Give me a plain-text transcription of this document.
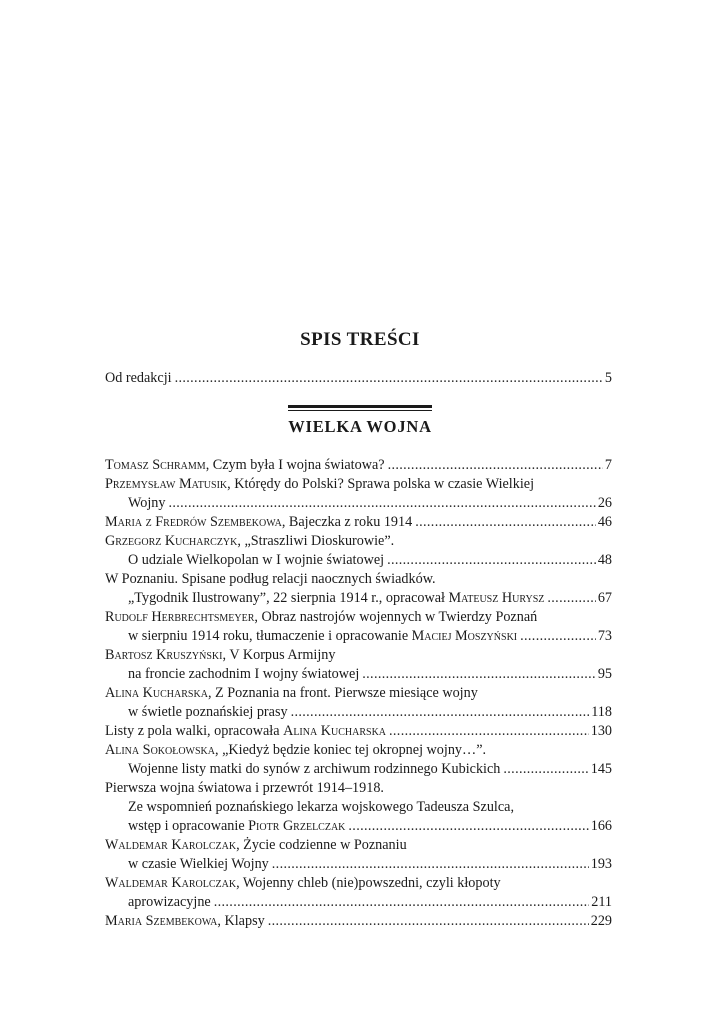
SPIS TREŚCI
Od redakcji . . .	5
WIELKA WOJNA
Tomasz Schramm, Czym była I wojna światowa? . . .	7
Przemysław Matusik, Którędy do Polski? Sprawa polska w czasie Wielkiej
Wojny . . .	26
Maria z Fredrów Szembekowa, Bajeczka z roku 1914 . . .	46
Grzegorz Kucharczyk, „Straszliwi Dioskurowie”.
O udziale Wielkopolan w I wojnie światowej . . .	48
W Poznaniu. Spisane podług relacji naocznych świadków.
„Tygodnik Ilustrowany”, 22 sierpnia 1914 r., opracował Mateusz Hurysz . . .	67
Rudolf Herbrechtsmeyer, Obraz nastrojów wojennych w Twierdzy Poznań
w sierpniu 1914 roku, tłumaczenie i opracowanie Maciej Moszyński . . .	73
Bartosz Kruszyński, V Korpus Armijny
na froncie zachodnim I wojny światowej . . .	95
Alina Kucharska, Z Poznania na front. Pierwsze miesiące wojny
w świetle poznańskiej prasy . . .	118
Listy z pola walki, opracowała Alina Kucharska . . .	130
Alina Sokołowska, „Kiedyż będzie koniec tej okropnej wojny…”.
Wojenne listy matki do synów z archiwum rodzinnego Kubickich . . .	145
Pierwsza wojna światowa i przewrót 1914–1918.
Ze wspomnień poznańskiego lekarza wojskowego Tadeusza Szulca,
wstęp i opracowanie Piotr Grzelczak . . .	166
Waldemar Karolczak, Życie codzienne w Poznaniu
w czasie Wielkiej Wojny . . .	193
Waldemar Karolczak, Wojenny chleb (nie)powszedni, czyli kłopoty
aprowizacyjne . . .	211
Maria Szembekowa, Klapsy . . .	229
